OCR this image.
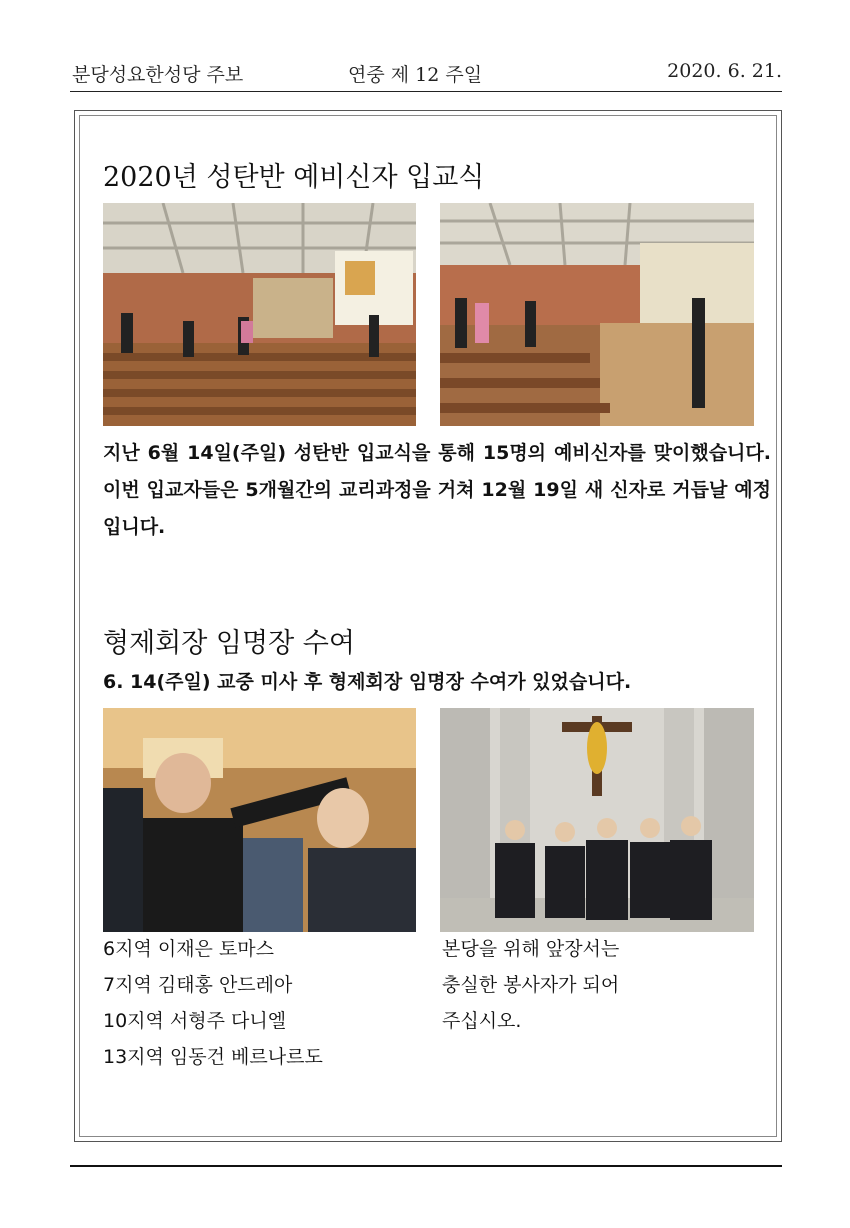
분당성요한성당 주보	연중 제 12 주일	2020. 6. 21.
2020년 성탄반 예비신자 입교식
지난 6월 14일(주일) 성탄반 입교식을 통해 15명의 예비신자를 맞이했습니다. 이번 입교자들은 5개월간의 교리과정을 거쳐 12월 19일 새 신자로 거듭날 예정입니다.
형제회장 임명장 수여
6. 14(주일) 교중 미사 후 형제회장 임명장 수여가 있었습니다.
6지역 이재은 토마스
7지역 김태홍 안드레아
10지역 서형주 다니엘
13지역 임동건 베르나르도
본당을 위해 앞장서는
충실한 봉사자가 되어
주십시오.
